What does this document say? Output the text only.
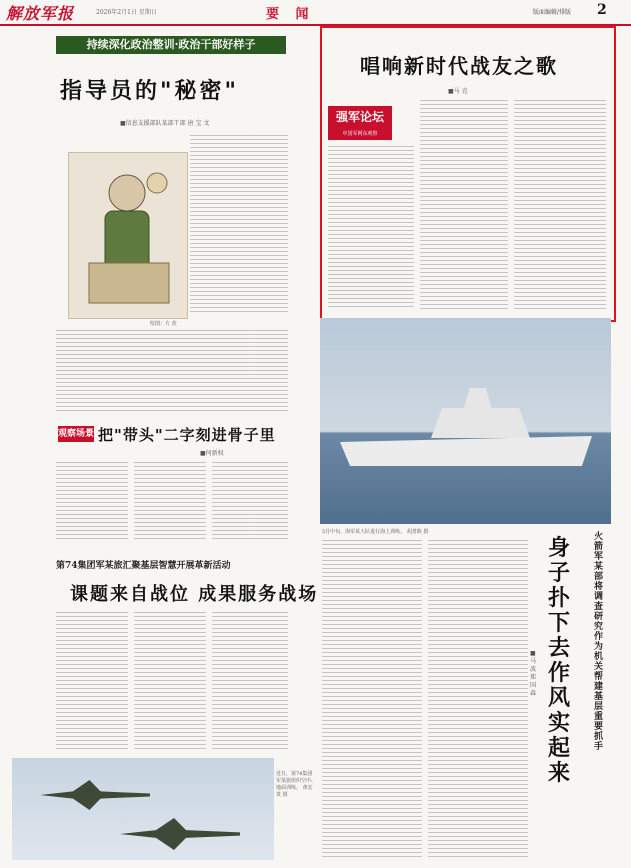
解放军报	2026年2月1日 星期日	要 闻	版面编辑/排版 2
持续深化政治整训·政治干部好样子
指导员的"秘密"
■信息支援部队某部干部 唐 宝 文
绘图：方 茨
唱响新时代战友之歌
■马 克
强军论坛
中国军网东观察
5月中旬，海军某大队进行海上训练。 胡善陈 摄
观察场景 把"带头"二字刻进骨子里
■何新权
第74集团军某旅汇聚基层智慧开展革新活动
课题来自战位 成果服务战场
近日，第74集团军某旅组织空中、地面训练。 黄宏贵 摄
身子扑下去 作风实起来
火箭军某部将调查研究作为机关帮建基层重要抓手
■马 波 郑国 森
